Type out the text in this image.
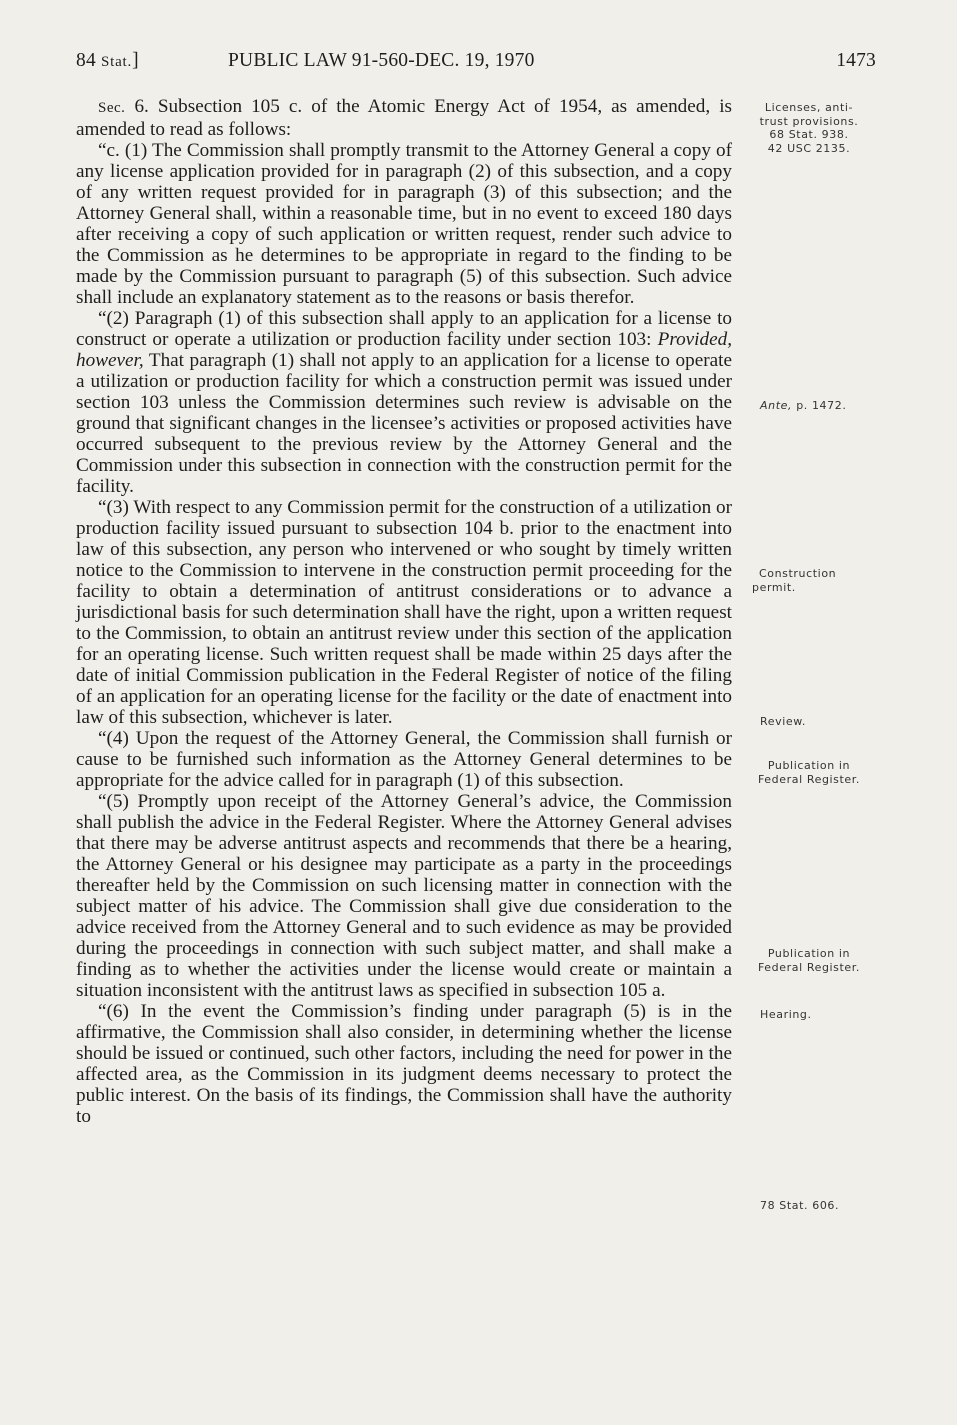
84 Stat.]	PUBLIC LAW 91-560-DEC. 19, 1970	1473

Sec. 6. Subsection 105 c. of the Atomic Energy Act of 1954, as amended, is amended to read as follows:

“c. (1) The Commission shall promptly transmit to the Attorney General a copy of any license application provided for in paragraph (2) of this subsection, and a copy of any written request provided for in paragraph (3) of this subsection; and the Attorney General shall, within a reasonable time, but in no event to exceed 180 days after receiving a copy of such application or written request, render such advice to the Commission as he determines to be appropriate in regard to the finding to be made by the Commission pursuant to paragraph (5) of this subsection. Such advice shall include an explanatory statement as to the reasons or basis therefor.

“(2) Paragraph (1) of this subsection shall apply to an application for a license to construct or operate a utilization or production facility under section 103: Provided, however, That paragraph (1) shall not apply to an application for a license to operate a utilization or production facility for which a construction permit was issued under section 103 unless the Commission determines such review is advisable on the ground that significant changes in the licensee’s activities or proposed activities have occurred subsequent to the previous review by the Attorney General and the Commission under this subsection in connection with the construction permit for the facility.

“(3) With respect to any Commission permit for the construction of a utilization or production facility issued pursuant to subsection 104 b. prior to the enactment into law of this subsection, any person who intervened or who sought by timely written notice to the Commission to intervene in the construction permit proceeding for the facility to obtain a determination of antitrust considerations or to advance a jurisdictional basis for such determination shall have the right, upon a written request to the Commission, to obtain an antitrust review under this section of the application for an operating license. Such written request shall be made within 25 days after the date of initial Commission publication in the Federal Register of notice of the filing of an application for an operating license for the facility or the date of enactment into law of this subsection, whichever is later.

“(4) Upon the request of the Attorney General, the Commission shall furnish or cause to be furnished such information as the Attorney General determines to be appropriate for the advice called for in paragraph (1) of this subsection.

“(5) Promptly upon receipt of the Attorney General’s advice, the Commission shall publish the advice in the Federal Register. Where the Attorney General advises that there may be adverse antitrust aspects and recommends that there be a hearing, the Attorney General or his designee may participate as a party in the proceedings thereafter held by the Commission on such licensing matter in connection with the subject matter of his advice. The Commission shall give due consideration to the advice received from the Attorney General and to such evidence as may be provided during the proceedings in connection with such subject matter, and shall make a finding as to whether the activities under the license would create or maintain a situation inconsistent with the antitrust laws as specified in subsection 105 a.

“(6) In the event the Commission’s finding under paragraph (5) is in the affirmative, the Commission shall also consider, in determining whether the license should be issued or continued, such other factors, including the need for power in the affected area, as the Commission in its judgment deems necessary to protect the public interest. On the basis of its findings, the Commission shall have the authority to

Licenses, anti-
trust provisions.
68 Stat. 938.
42 USC 2135.
Ante, p. 1472.
Construction
permit.
Review.
Publication in
Federal Register.
Publication in
Federal Register.
Hearing.
78 Stat. 606.
